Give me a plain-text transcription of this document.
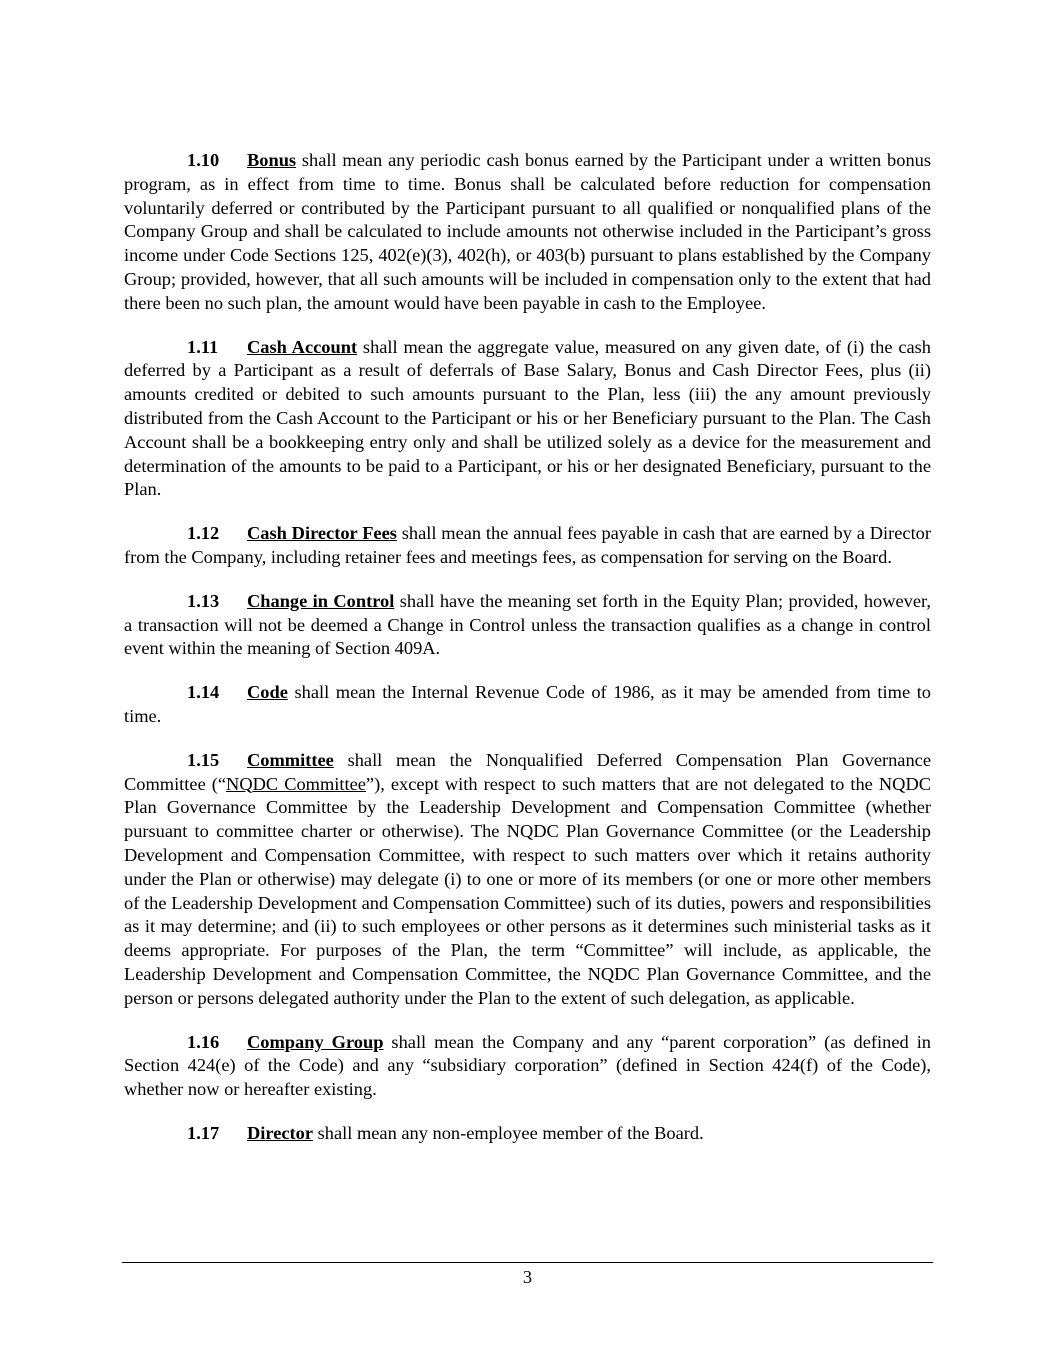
1.10 Bonus shall mean any periodic cash bonus earned by the Participant under a written bonus program, as in effect from time to time. Bonus shall be calculated before reduction for compensation voluntarily deferred or contributed by the Participant pursuant to all qualified or nonqualified plans of the Company Group and shall be calculated to include amounts not otherwise included in the Participant’s gross income under Code Sections 125, 402(e)(3), 402(h), or 403(b) pursuant to plans established by the Company Group; provided, however, that all such amounts will be included in compensation only to the extent that had there been no such plan, the amount would have been payable in cash to the Employee.

1.11 Cash Account shall mean the aggregate value, measured on any given date, of (i) the cash deferred by a Participant as a result of deferrals of Base Salary, Bonus and Cash Director Fees, plus (ii) amounts credited or debited to such amounts pursuant to the Plan, less (iii) the any amount previously distributed from the Cash Account to the Participant or his or her Beneficiary pursuant to the Plan. The Cash Account shall be a bookkeeping entry only and shall be utilized solely as a device for the measurement and determination of the amounts to be paid to a Participant, or his or her designated Beneficiary, pursuant to the Plan.

1.12 Cash Director Fees shall mean the annual fees payable in cash that are earned by a Director from the Company, including retainer fees and meetings fees, as compensation for serving on the Board.

1.13 Change in Control shall have the meaning set forth in the Equity Plan; provided, however, a transaction will not be deemed a Change in Control unless the transaction qualifies as a change in control event within the meaning of Section 409A.

1.14 Code shall mean the Internal Revenue Code of 1986, as it may be amended from time to time.

1.15 Committee shall mean the Nonqualified Deferred Compensation Plan Governance Committee (“NQDC Committee”), except with respect to such matters that are not delegated to the NQDC Plan Governance Committee by the Leadership Development and Compensation Committee (whether pursuant to committee charter or otherwise). The NQDC Plan Governance Committee (or the Leadership Development and Compensation Committee, with respect to such matters over which it retains authority under the Plan or otherwise) may delegate (i) to one or more of its members (or one or more other members of the Leadership Development and Compensation Committee) such of its duties, powers and responsibilities as it may determine; and (ii) to such employees or other persons as it determines such ministerial tasks as it deems appropriate. For purposes of the Plan, the term “Committee” will include, as applicable, the Leadership Development and Compensation Committee, the NQDC Plan Governance Committee, and the person or persons delegated authority under the Plan to the extent of such delegation, as applicable.

1.16 Company Group shall mean the Company and any “parent corporation” (as defined in Section 424(e) of the Code) and any “subsidiary corporation” (defined in Section 424(f) of the Code), whether now or hereafter existing.

1.17 Director shall mean any non-employee member of the Board.

3
